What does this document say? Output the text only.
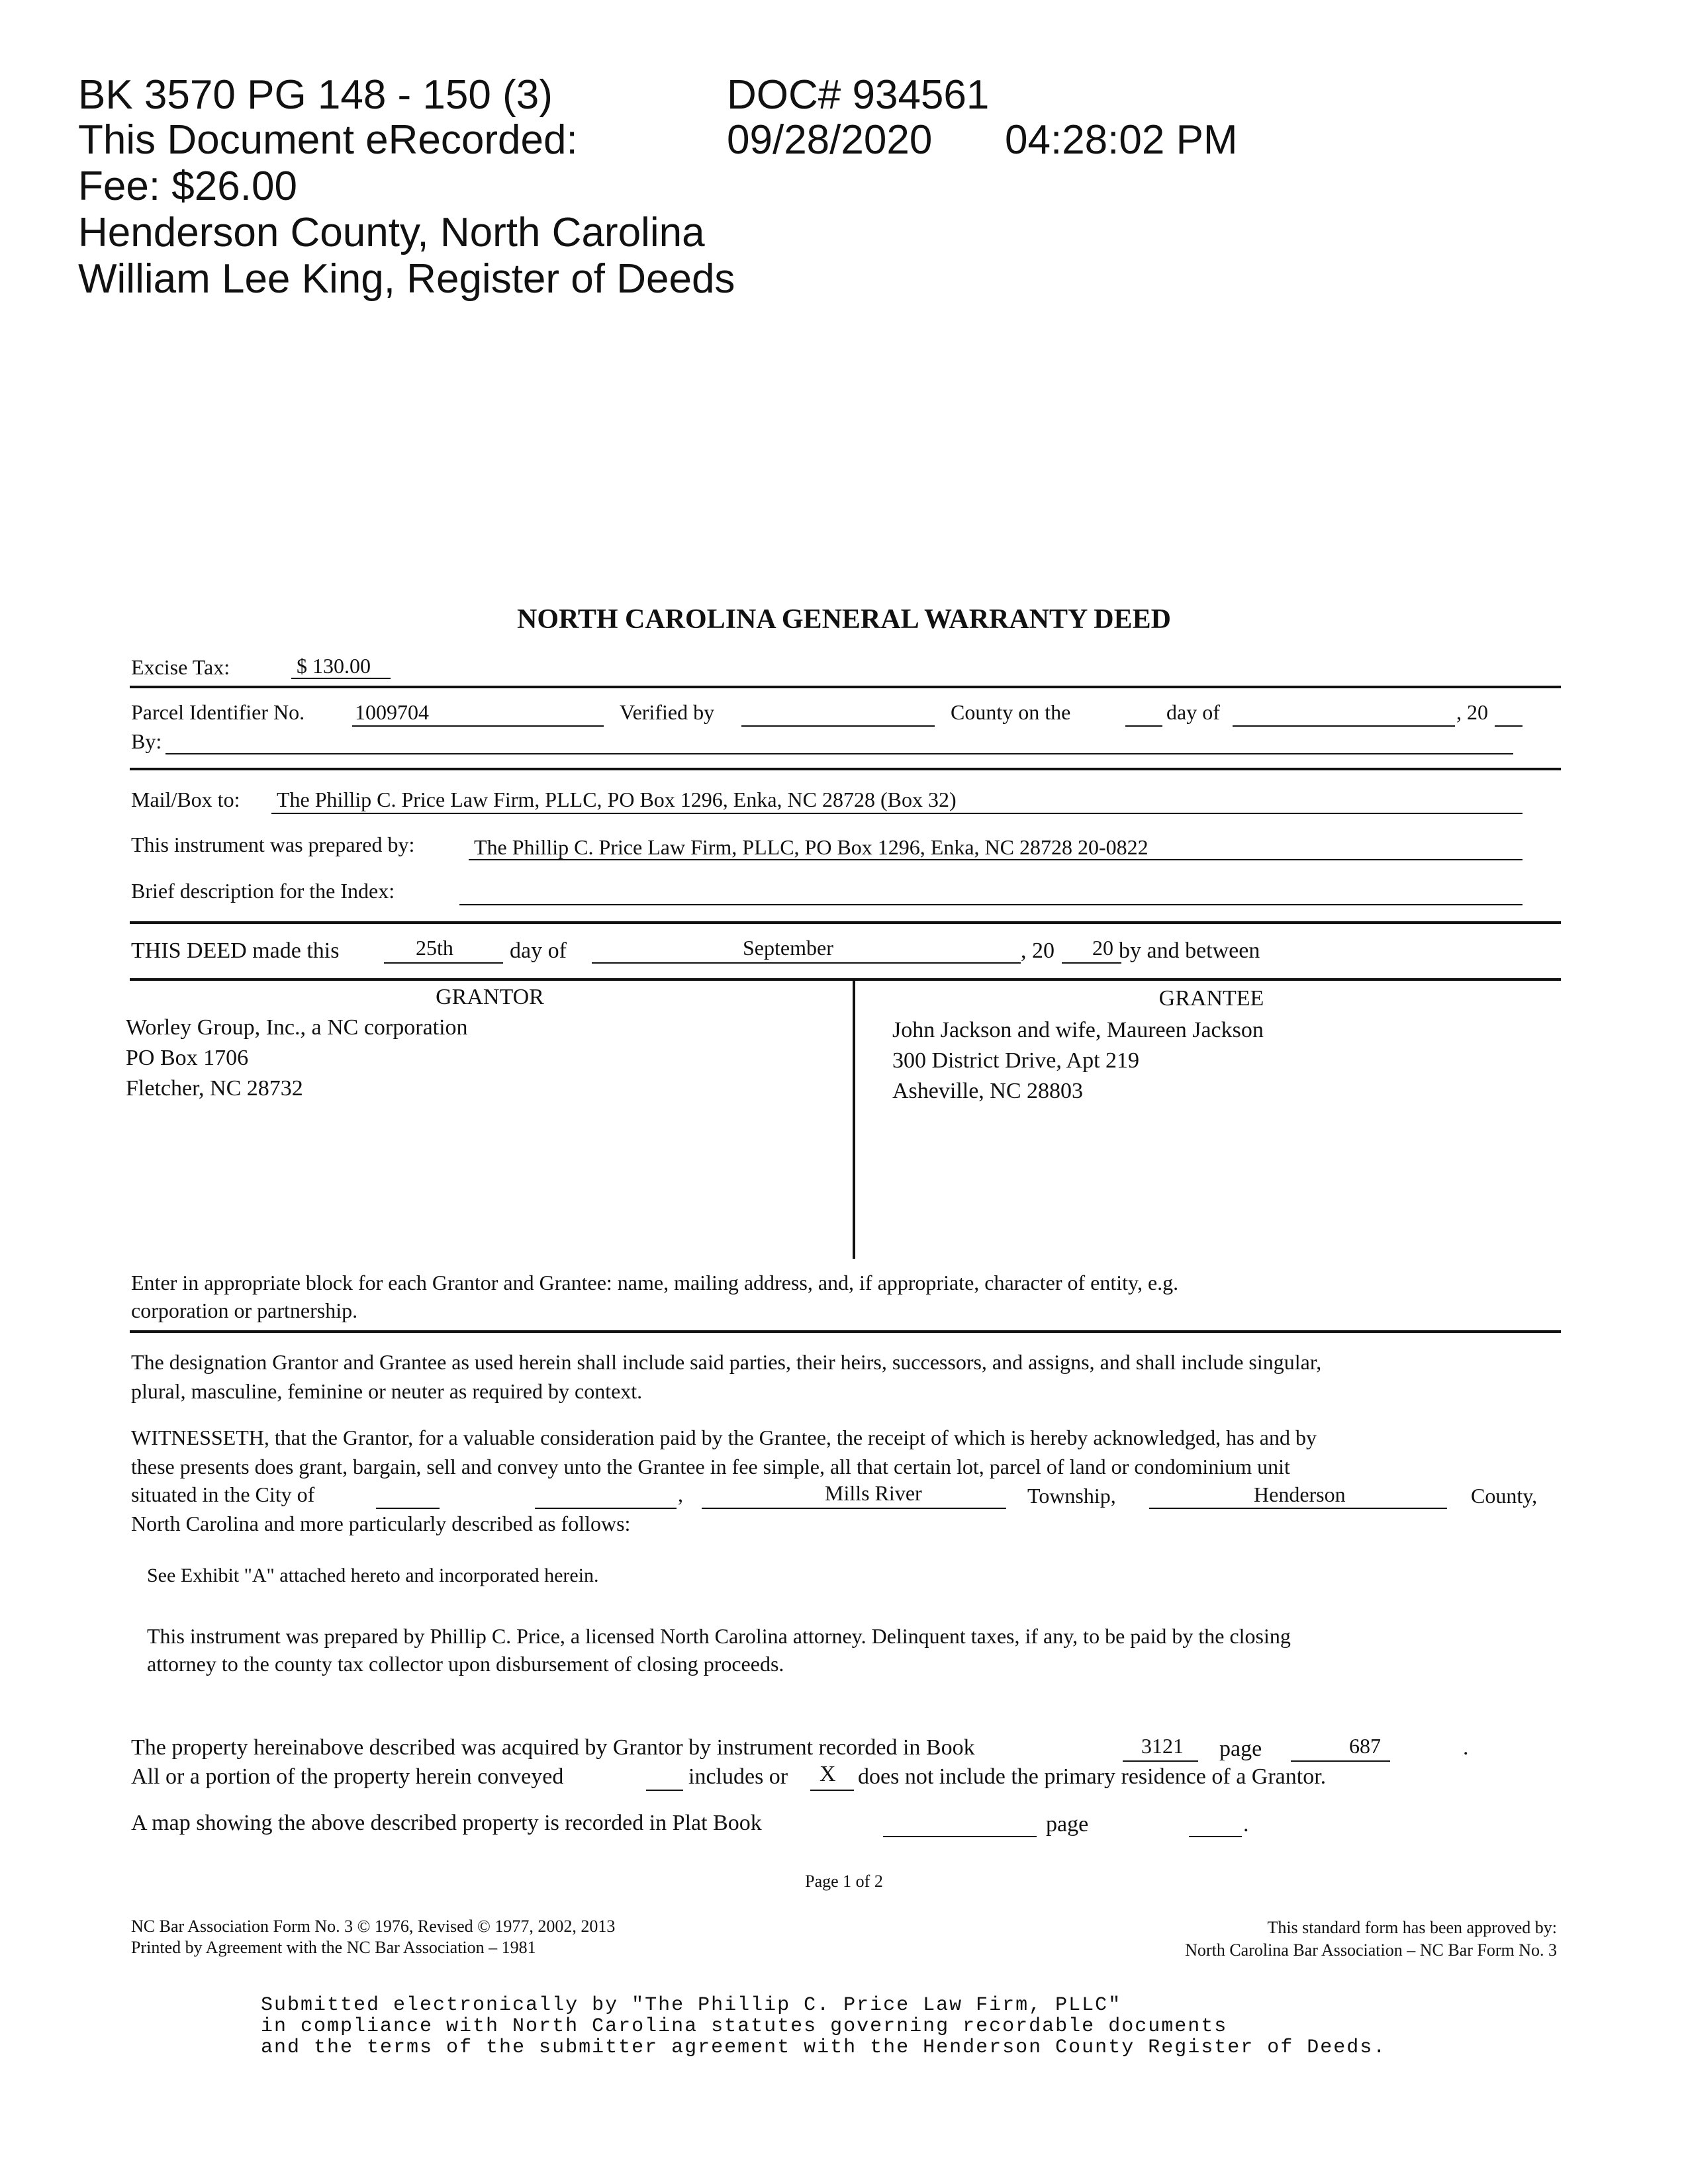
BK 3570 PG 148 - 150 (3)	DOC# 934561
This Document eRecorded:	09/28/2020 04:28:02 PM
Fee: $26.00
Henderson County, North Carolina
William Lee King, Register of Deeds
NORTH CAROLINA GENERAL WARRANTY DEED
Excise Tax:	$ 130.00
Parcel Identifier No. 1009704	Verified by	County on the	day of	, 20
By:
Mail/Box to: The Phillip C. Price Law Firm, PLLC, PO Box 1296, Enka, NC 28728 (Box 32)
This instrument was prepared by:	The Phillip C. Price Law Firm, PLLC, PO Box 1296, Enka, NC 28728 20-0822
Brief description for the Index:
THIS DEED made this	25th	day of	September	, 20 20 by and between
GRANTOR	GRANTEE
Worley Group, Inc., a NC corporation
PO Box 1706
Fletcher, NC 28732
John Jackson and wife, Maureen Jackson
300 District Drive, Apt 219
Asheville, NC 28803
Enter in appropriate block for each Grantor and Grantee: name, mailing address, and, if appropriate, character of entity, e.g.
corporation or partnership.
The designation Grantor and Grantee as used herein shall include said parties, their heirs, successors, and assigns, and shall include singular,
plural, masculine, feminine or neuter as required by context.
WITNESSETH, that the Grantor, for a valuable consideration paid by the Grantee, the receipt of which is hereby acknowledged, has and by
these presents does grant, bargain, sell and convey unto the Grantee in fee simple, all that certain lot, parcel of land or condominium unit
situated in the City of	,	Mills River	Township,	Henderson	County,
North Carolina and more particularly described as follows:
See Exhibit "A" attached hereto and incorporated herein.
This instrument was prepared by Phillip C. Price, a licensed North Carolina attorney. Delinquent taxes, if any, to be paid by the closing
attorney to the county tax collector upon disbursement of closing proceeds.
The property hereinabove described was acquired by Grantor by instrument recorded in Book	3121 page	687	.
All or a portion of the property herein conveyed	includes or X does not include the primary residence of a Grantor.
A map showing the above described property is recorded in Plat Book	page	.
Page 1 of 2
NC Bar Association Form No. 3 © 1976, Revised © 1977, 2002, 2013
Printed by Agreement with the NC Bar Association – 1981
This standard form has been approved by:
North Carolina Bar Association – NC Bar Form No. 3
Submitted electronically by "The Phillip C. Price Law Firm, PLLC"
in compliance with North Carolina statutes governing recordable documents
and the terms of the submitter agreement with the Henderson County Register of Deeds.
